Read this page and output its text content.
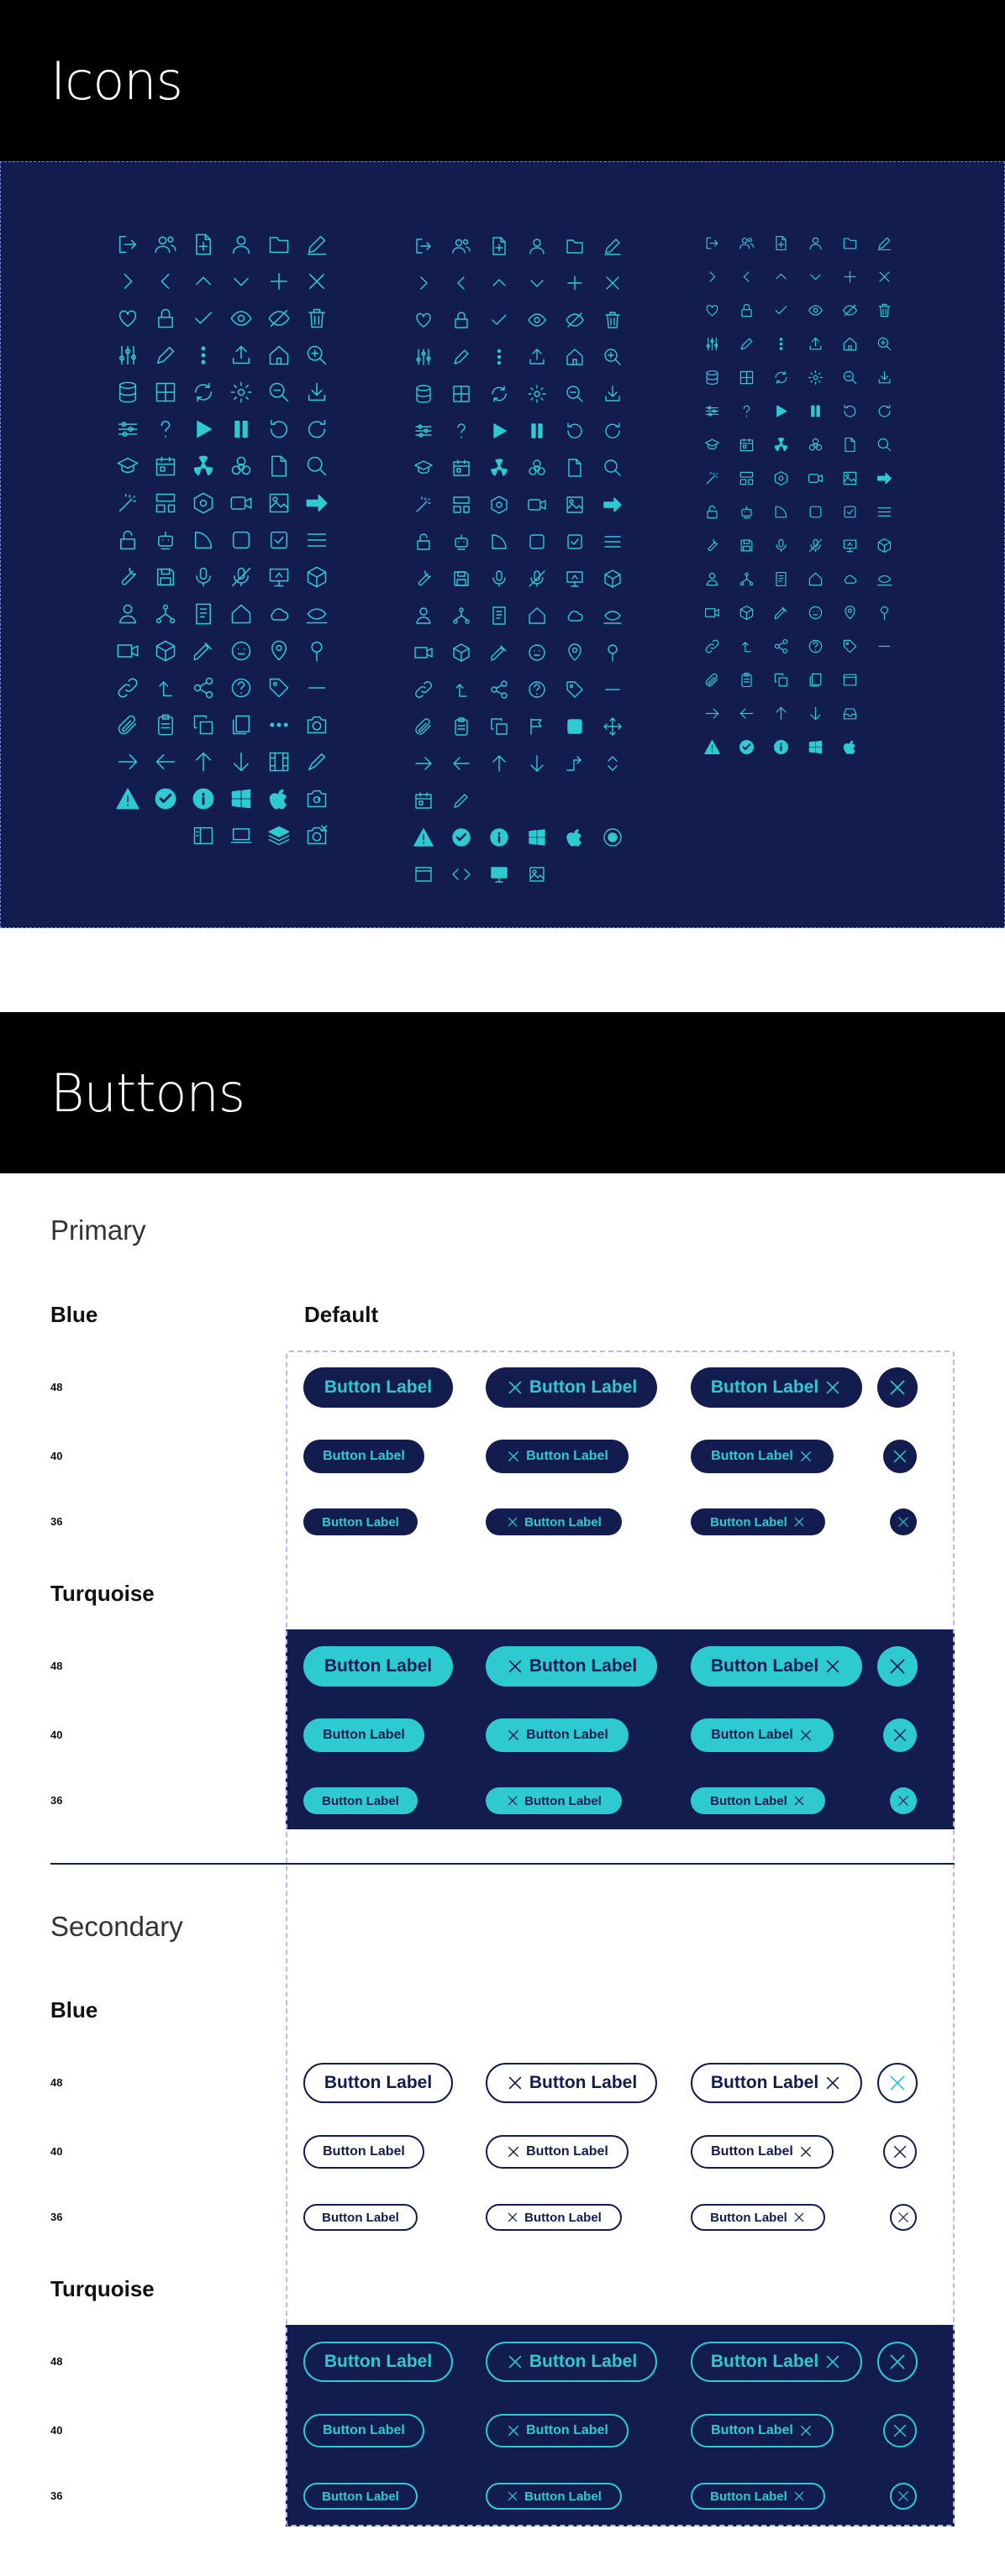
Icons
Buttons
Primary
Blue	Default
Turquoise
Secondary
Blue
Turquoise
48	Button Label	Button Label	Button Label
40	Button Label	Button Label	Button Label
36	Button Label	Button Label	Button Label
48	Button Label	Button Label	Button Label
40	Button Label	Button Label	Button Label
36	Button Label	Button Label	Button Label
48	Button Label	Button Label	Button Label
40	Button Label	Button Label	Button Label
36	Button Label	Button Label	Button Label
48	Button Label	Button Label	Button Label
40	Button Label	Button Label	Button Label
36	Button Label	Button Label	Button Label
